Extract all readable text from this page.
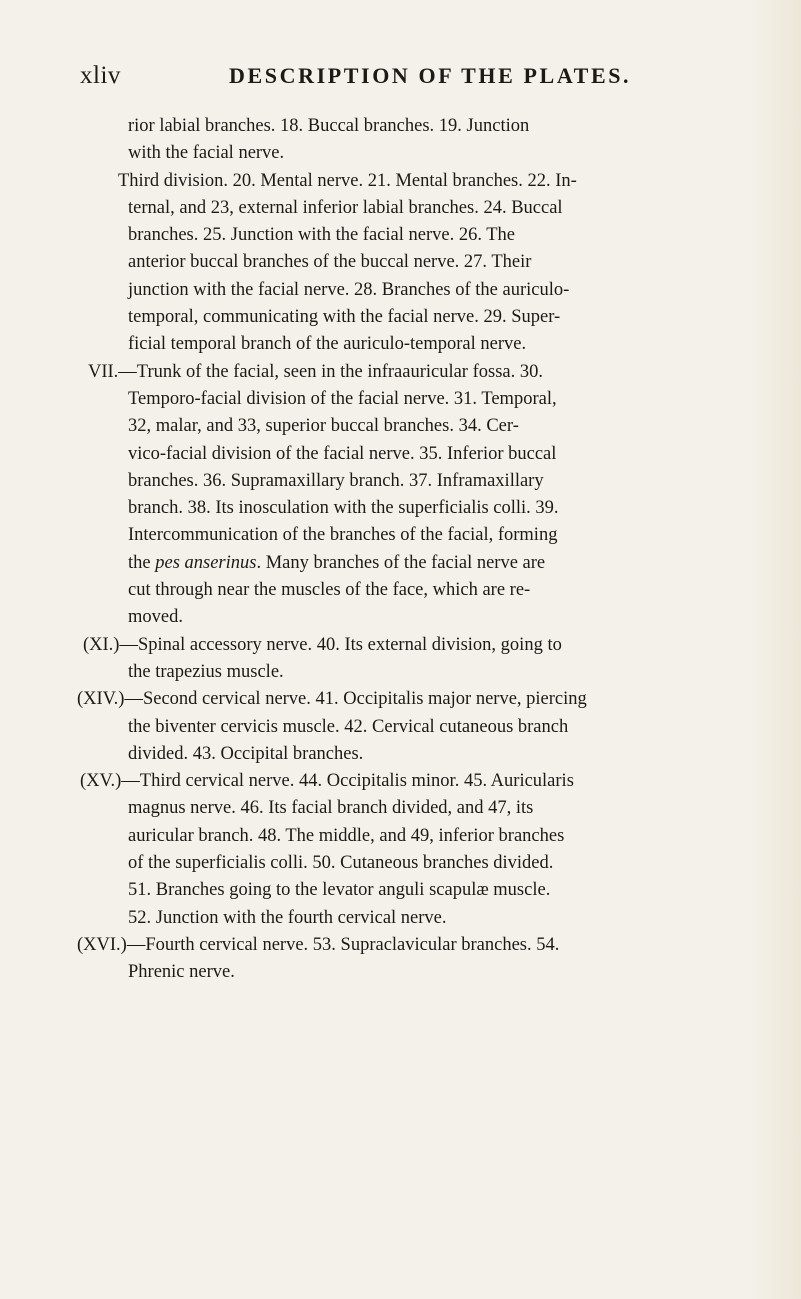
xliv	DESCRIPTION OF THE PLATES.
rior labial branches. 18. Buccal branches. 19. Junction
with the facial nerve.
Third division. 20. Mental nerve. 21. Mental branches. 22. In-
ternal, and 23, external inferior labial branches. 24. Buccal
branches. 25. Junction with the facial nerve. 26. The
anterior buccal branches of the buccal nerve. 27. Their
junction with the facial nerve. 28. Branches of the auriculo-
temporal, communicating with the facial nerve. 29. Super-
ficial temporal branch of the auriculo-temporal nerve.
VII.—Trunk of the facial, seen in the infraauricular fossa. 30.
Temporo-facial division of the facial nerve. 31. Temporal,
32, malar, and 33, superior buccal branches. 34. Cer-
vico-facial division of the facial nerve. 35. Inferior buccal
branches. 36. Supramaxillary branch. 37. Inframaxillary
branch. 38. Its inosculation with the superficialis colli. 39.
Intercommunication of the branches of the facial, forming
the pes anserinus. Many branches of the facial nerve are
cut through near the muscles of the face, which are re-
moved.
(XI.)—Spinal accessory nerve. 40. Its external division, going to
the trapezius muscle.
(XIV.)—Second cervical nerve. 41. Occipitalis major nerve, piercing
the biventer cervicis muscle. 42. Cervical cutaneous branch
divided. 43. Occipital branches.
(XV.)—Third cervical nerve. 44. Occipitalis minor. 45. Auricularis
magnus nerve. 46. Its facial branch divided, and 47, its
auricular branch. 48. The middle, and 49, inferior branches
of the superficialis colli. 50. Cutaneous branches divided.
51. Branches going to the levator anguli scapulæ muscle.
52. Junction with the fourth cervical nerve.
(XVI.)—Fourth cervical nerve. 53. Supraclavicular branches. 54.
Phrenic nerve.
